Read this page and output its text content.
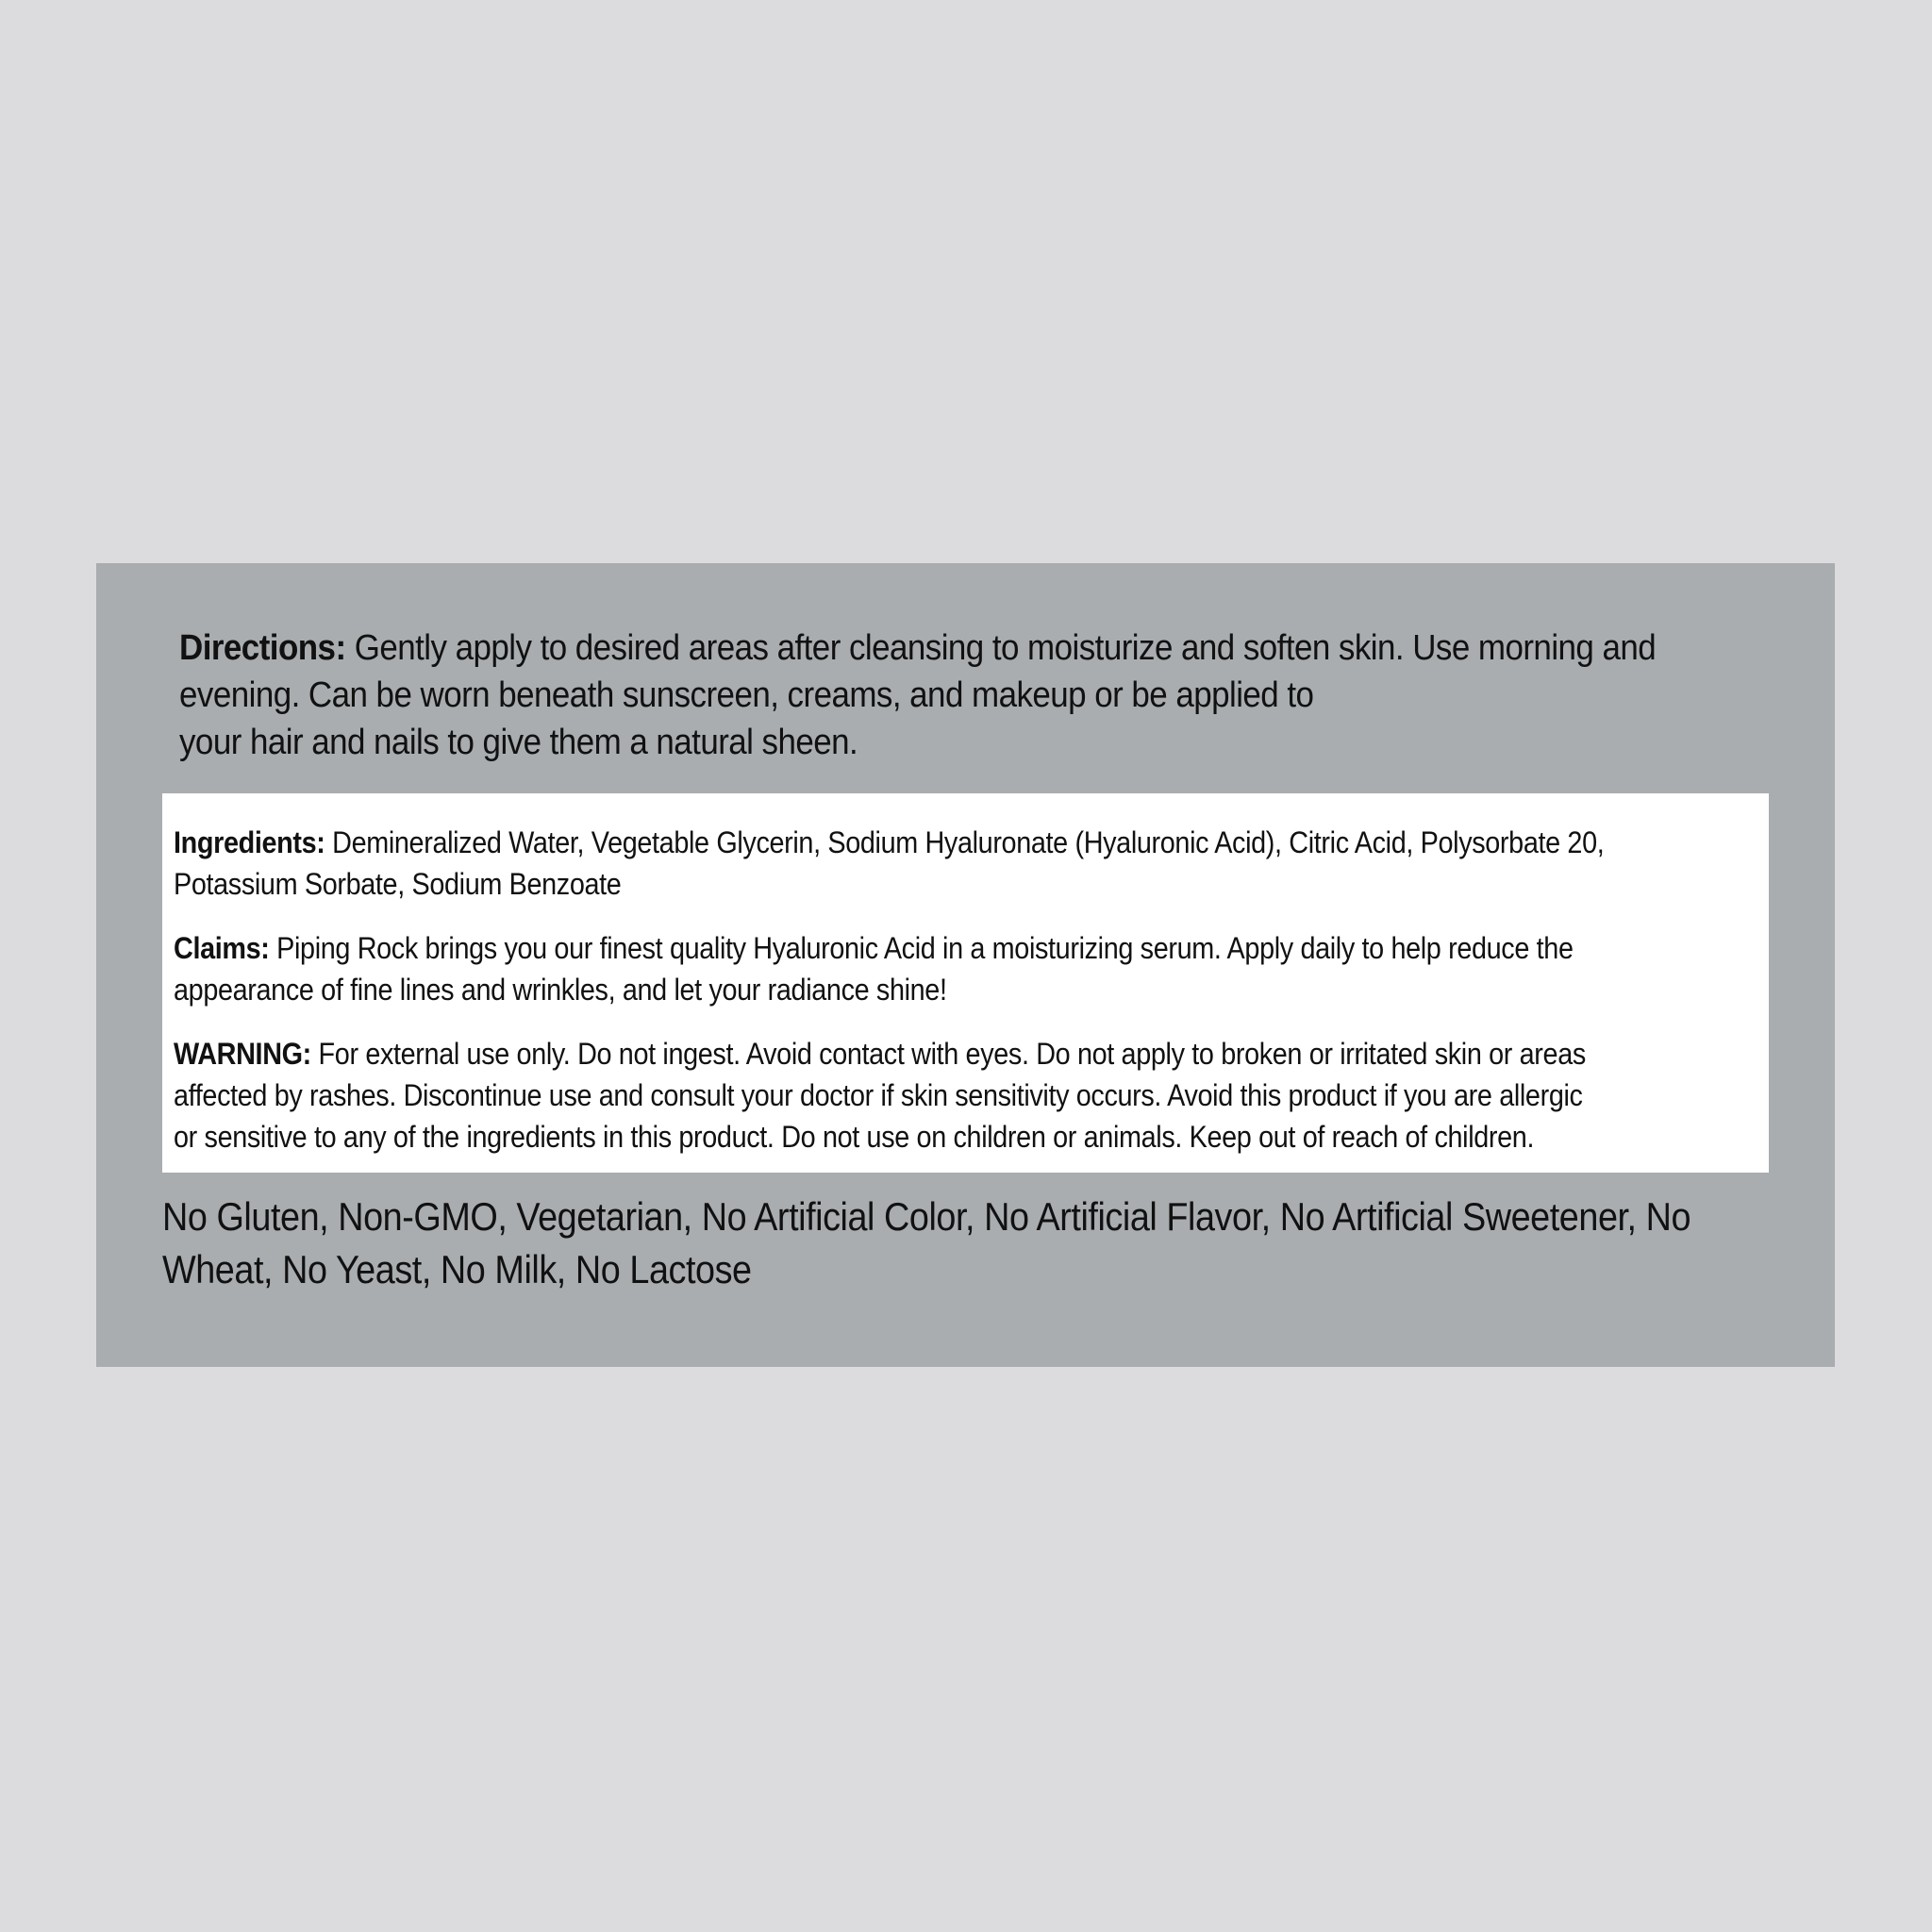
Directions: Gently apply to desired areas after cleansing to moisturize and soften skin. Use morning and
evening. Can be worn beneath sunscreen, creams, and makeup or be applied to
your hair and nails to give them a natural sheen.

Ingredients: Demineralized Water, Vegetable Glycerin, Sodium Hyaluronate (Hyaluronic Acid), Citric Acid, Polysorbate 20,
Potassium Sorbate, Sodium Benzoate

Claims: Piping Rock brings you our finest quality Hyaluronic Acid in a moisturizing serum. Apply daily to help reduce the
appearance of fine lines and wrinkles, and let your radiance shine!

WARNING: For external use only. Do not ingest. Avoid contact with eyes. Do not apply to broken or irritated skin or areas
affected by rashes. Discontinue use and consult your doctor if skin sensitivity occurs. Avoid this product if you are allergic
or sensitive to any of the ingredients in this product. Do not use on children or animals. Keep out of reach of children.

No Gluten, Non-GMO, Vegetarian, No Artificial Color, No Artificial Flavor, No Artificial Sweetener, No
Wheat, No Yeast, No Milk, No Lactose
